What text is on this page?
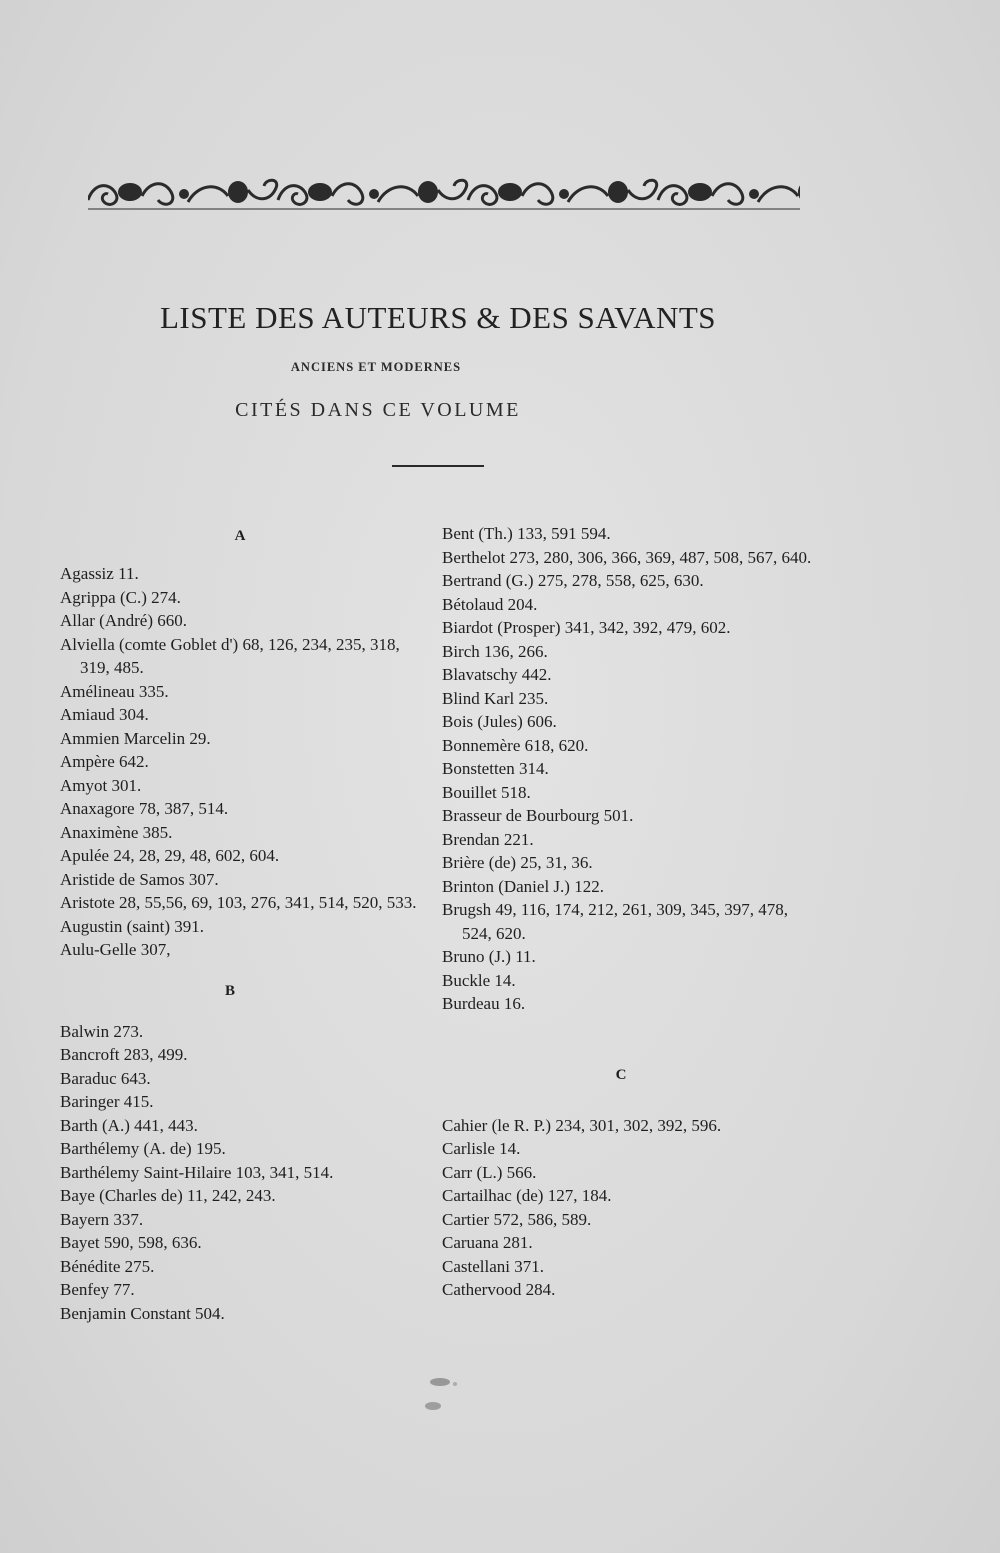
LISTE DES AUTEURS & DES SAVANTS
ANCIENS ET MODERNES
CITÉS DANS CE VOLUME
A
Agassiz 11.
Agrippa (C.) 274.
Allar (André) 660.
Alviella (comte Goblet d') 68, 126, 234, 235, 318, 319, 485.
Amélineau 335.
Amiaud 304.
Ammien Marcelin 29.
Ampère 642.
Amyot 301.
Anaxagore 78, 387, 514.
Anaximène 385.
Apulée 24, 28, 29, 48, 602, 604.
Aristide de Samos 307.
Aristote 28, 55,56, 69, 103, 276, 341, 514, 520, 533.
Augustin (saint) 391.
Aulu-Gelle 307,
B
Balwin 273.
Bancroft 283, 499.
Baraduc 643.
Baringer 415.
Barth (A.) 441, 443.
Barthélemy (A. de) 195.
Barthélemy Saint-Hilaire 103, 341, 514.
Baye (Charles de) 11, 242, 243.
Bayern 337.
Bayet 590, 598, 636.
Bénédite 275.
Benfey 77.
Benjamin Constant 504.
Bent (Th.) 133, 591 594.
Berthelot 273, 280, 306, 366, 369, 487, 508, 567, 640.
Bertrand (G.) 275, 278, 558, 625, 630.
Bétolaud 204.
Biardot (Prosper) 341, 342, 392, 479, 602.
Birch 136, 266.
Blavatschy 442.
Blind Karl 235.
Bois (Jules) 606.
Bonnemère 618, 620.
Bonstetten 314.
Bouillet 518.
Brasseur de Bourbourg 501.
Brendan 221.
Brière (de) 25, 31, 36.
Brinton (Daniel J.) 122.
Brugsh 49, 116, 174, 212, 261, 309, 345, 397, 478, 524, 620.
Bruno (J.) 11.
Buckle 14.
Burdeau 16.
C
Cahier (le R. P.) 234, 301, 302, 392, 596.
Carlisle 14.
Carr (L.) 566.
Cartailhac (de) 127, 184.
Cartier 572, 586, 589.
Caruana 281.
Castellani 371.
Cathervood 284.
